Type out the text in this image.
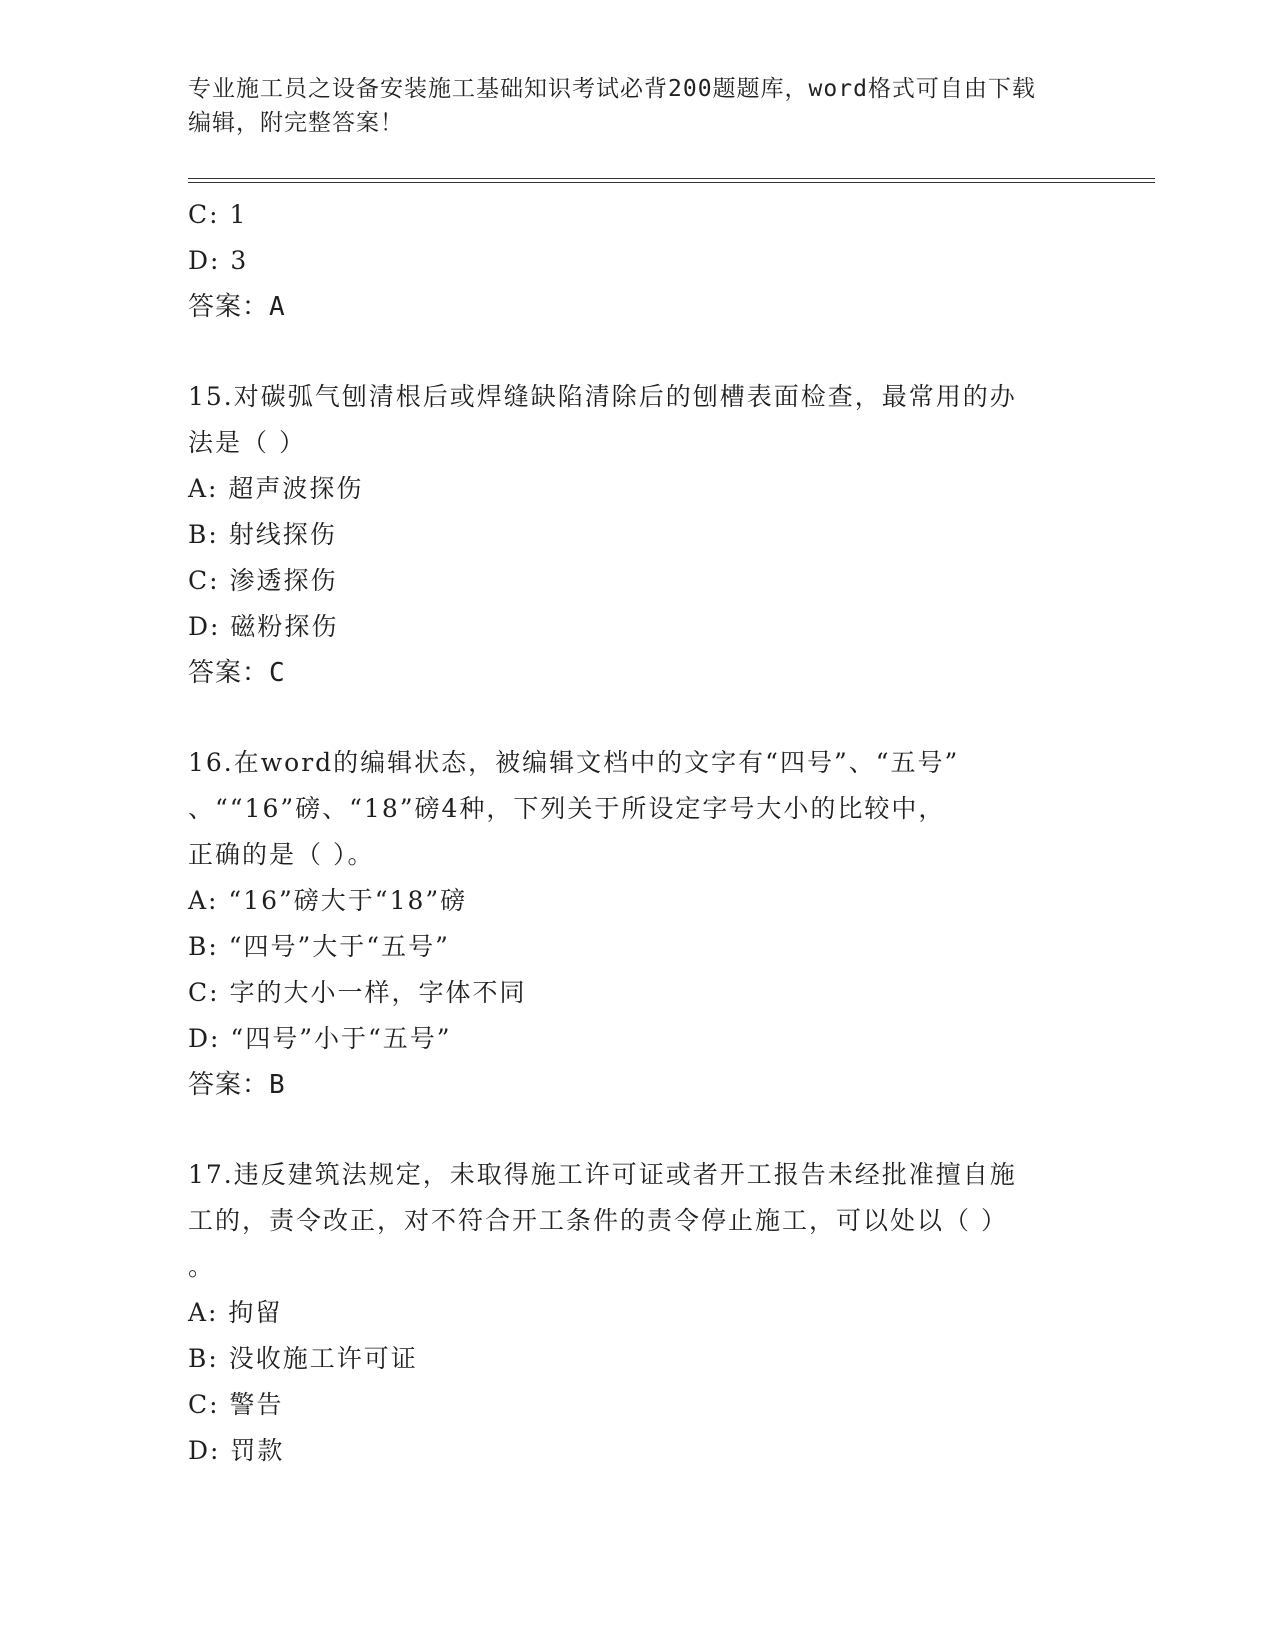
专业施工员之设备安装施工基础知识考试必背200题题库，word格式可自由下载
编辑，附完整答案！
C: 1
D: 3
答案：A
15.对碳弧气刨清根后或焊缝缺陷清除后的刨槽表面检查，最常用的办
法是（ ）
A: 超声波探伤
B: 射线探伤
C: 渗透探伤
D: 磁粉探伤
答案：C
16.在word的编辑状态，被编辑文档中的文字有“四号”、“五号”
、““16”磅、“18”磅4种，下列关于所设定字号大小的比较中，
正确的是（ ）。
A: “16”磅大于“18”磅
B: “四号”大于“五号”
C: 字的大小一样，字体不同
D: “四号”小于“五号”
答案：B
17.违反建筑法规定，未取得施工许可证或者开工报告未经批准擅自施
工的，责令改正，对不符合开工条件的责令停止施工，可以处以（ ）
。
A: 拘留
B: 没收施工许可证
C: 警告
D: 罚款
